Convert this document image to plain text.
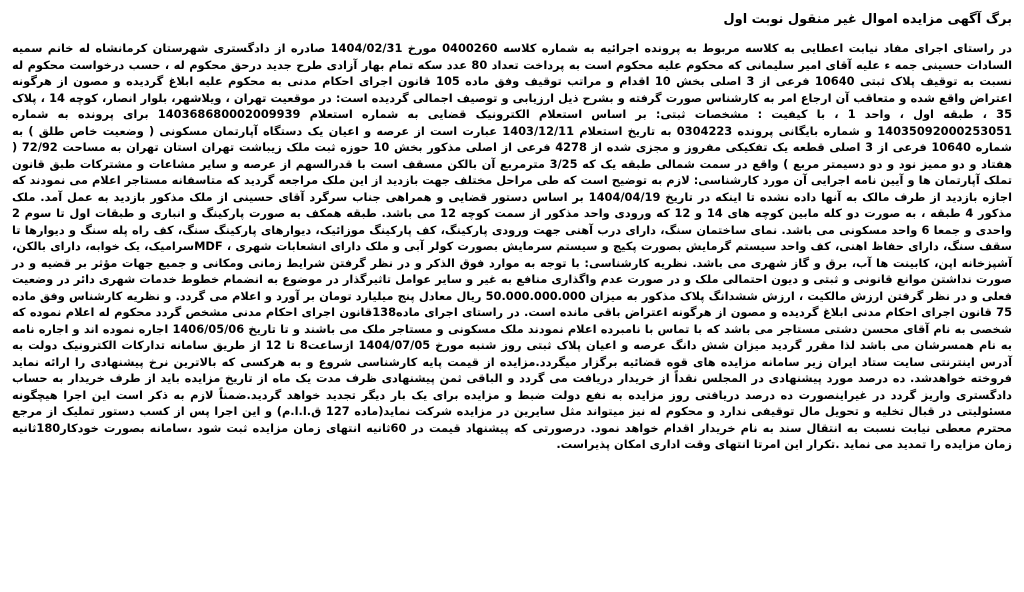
برگ آگهی مزایده اموال غیر منقول نوبت اول

در راستای اجرای مفاد نیابت اعطایی به کلاسه مربوط به پرونده اجرائیه به شماره کلاسه 0400260 مورخ 1404/02/31 صادره از دادگستری شهرستان کرمانشاه له خانم سمیه السادات حسینی جمه ء علیه آقای امیر سلیمانی که محکوم علیه محکوم است به پرداخت تعداد 80 عدد سکه تمام بهار آزادی طرح جدید درحق محکوم له ، حسب درخواست محکوم له نسبت به توقیف پلاک ثبتی 10640 فرعی از 3 اصلی بخش 10 اقدام و مراتب توقیف وفق ماده 105 قانون اجرای احکام مدنی به محکوم علیه ابلاغ گردیده و مصون از هرگونه اعتراض واقع شده و متعاقب آن ارجاع امر به کارشناس صورت گرفته و بشرح ذیل ارزیابی و توصیف اجمالی گردیده است: در موقعیت تهران ، ویلاشهر، بلوار انصار، کوچه 14 ، پلاک 35 ، طبقه اول ، واحد 1 ، با کیفیت : مشخصات ثبتی: بر اساس استعلام الکترونیک قضایی به شماره استعلام 140368680002009939 برای پرونده به شماره 14035092000253051 و شماره بایگانی پرونده 0304223 به تاریخ استعلام 1403/12/11 عبارت است از عرصه و اعیان یک دستگاه آپارتمان مسکونی ( وضعیت خاص طلق ) به شماره 10640 فرعی از 3 اصلی قطعه یک تفکیکی مفروز و مجزی شده از 4278 فرعی از اصلی مذکور بخش 10 حوزه ثبت ملک زیباشت تهران استان تهران به مساحت 72/92 ( هفتاد و دو ممیز نود و دو دسیمتر مربع ) واقع در سمت شمالی طبقه یک که 3/25 مترمربع آن بالکن مسقف است با قدرالسهم از عرصه و سایر مشاعات و مشترکات طبق قانون تملک آپارتمان ها و آیین نامه اجرایی آن مورد کارشناسی: لازم به توضیح است که طی مراحل مختلف جهت بازدید از این ملک مراجعه گردید که متاسفانه مستاجر اعلام می نمودند که اجازه بازدید از طرف مالک به آنها داده نشده تا اینکه در تاریخ 1404/04/19 بر اساس دستور قضایی و همراهی جناب سرگرد آقای حسینی از ملک مذکور بازدید به عمل آمد. ملک مذکور 4 طبقه ، به صورت دو کله مابین کوچه های 14 و 12 که ورودی واحد مذکور از سمت کوچه 12 می باشد. طبقه همکف به صورت پارکینگ و انباری و طبقات اول تا سوم 2 واحدی و جمعا 6 واحد مسکونی می باشد. نمای ساختمان سنگ، دارای درب آهنی جهت ورودی پارکینگ، کف پارکینگ موزائیک، دیوارهای پارکینگ سنگ، کف راه پله سنگ و دیوارها تا سقف سنگ، دارای حفاظ اهنی، کف واحد سیستم گرمایش بصورت پکیج و سیستم سرمایش بصورت کولر آبی و ملک دارای انشعابات شهری ، MDFسرامیک، یک خوابه، دارای بالکن، آشپزخانه اپن، کابینت ها آب، برق و گاز شهری می باشد. نظریه کارشناسی: با توجه به موارد فوق الذکر و در نظر گرفتن شرایط زمانی ومکانی و جمیع جهات مؤثر بر قضیه و در صورت نداشتن موانع قانونی و ثبتی و دیون احتمالی ملک و در صورت عدم واگذاری منافع به غیر و سایر عوامل تاثیرگذار در موضوع به انضمام خطوط خدمات شهری دائر در وضعیت فعلی و در نظر گرفتن ارزش مالکیت ، ارزش ششدانگ پلاک مذکور به میزان 50.000.000.000 ریال معادل پنج میلیارد تومان بر آورد و اعلام می گردد. و نظریه کارشناس وفق ماده 75 قانون اجرای احکام مدنی ابلاغ گردیده و مصون از هرگونه اعتراض باقی مانده است. در راستای اجرای ماده138قانون اجرای احکام مدنی مشخص گردد محکوم له اعلام نموده که شخصی به نام آقای محسن دشتی مستاجر می باشد که با تماس با نامبرده اعلام نمودند ملک مسکونی و مستاجر ملک می باشند و تا تاریخ 1406/05/06 اجاره نموده اند و اجاره نامه به نام همسرشان می باشد لذا مقرر گردید میزان شش دانگ عرصه و اعیان پلاک ثبتی روز شنبه مورخ 1404/07/05 ازساعت8 تا 12 از طریق سامانه تدارکات الکترونیک دولت به آدرس اینترنتی سایت ستاد ایران زیر سامانه مزایده های قوه قضائیه برگزار میگردد.مزایده از قیمت پایه کارشناسی شروع و به هرکسی که بالاترین نرخ پیشنهادی را ارائه نماید فروخته خواهدشد. ده درصد مورد پیشنهادی در المجلس نقداً از خریدار دریافت می گردد و الباقی ثمن پیشنهادی ظرف مدت یک ماه از تاریخ مزایده باید از طرف خریدار به حساب دادگستری واریز گردد در غیراینصورت ده درصد دریافتی روز مزایده به نفع دولت ضبط و مزایده برای یک بار دیگر تجدید خواهد گردید.ضمناً لازم به ذکر است این اجرا هیچگونه مسئولیتی در قبال تخلیه و تحویل مال توقیفی ندارد و محکوم له نیز میتواند مثل سایرین در مزایده شرکت نماید(ماده 127 ق.ا.ا.م) و این اجرا پس از کسب دستور تملیک از مرجع محترم معطی نیابت نسبت به انتقال سند به نام خریدار اقدام خواهد نمود. درصورتی که پیشنهاد قیمت در 60ثانیه انتهای زمان مزایده ثبت شود ،سامانه بصورت خودکار180ثانیه زمان مزایده را تمدید می نماید .تکرار این امرتا انتهای وقت اداری امکان پذیراست.
